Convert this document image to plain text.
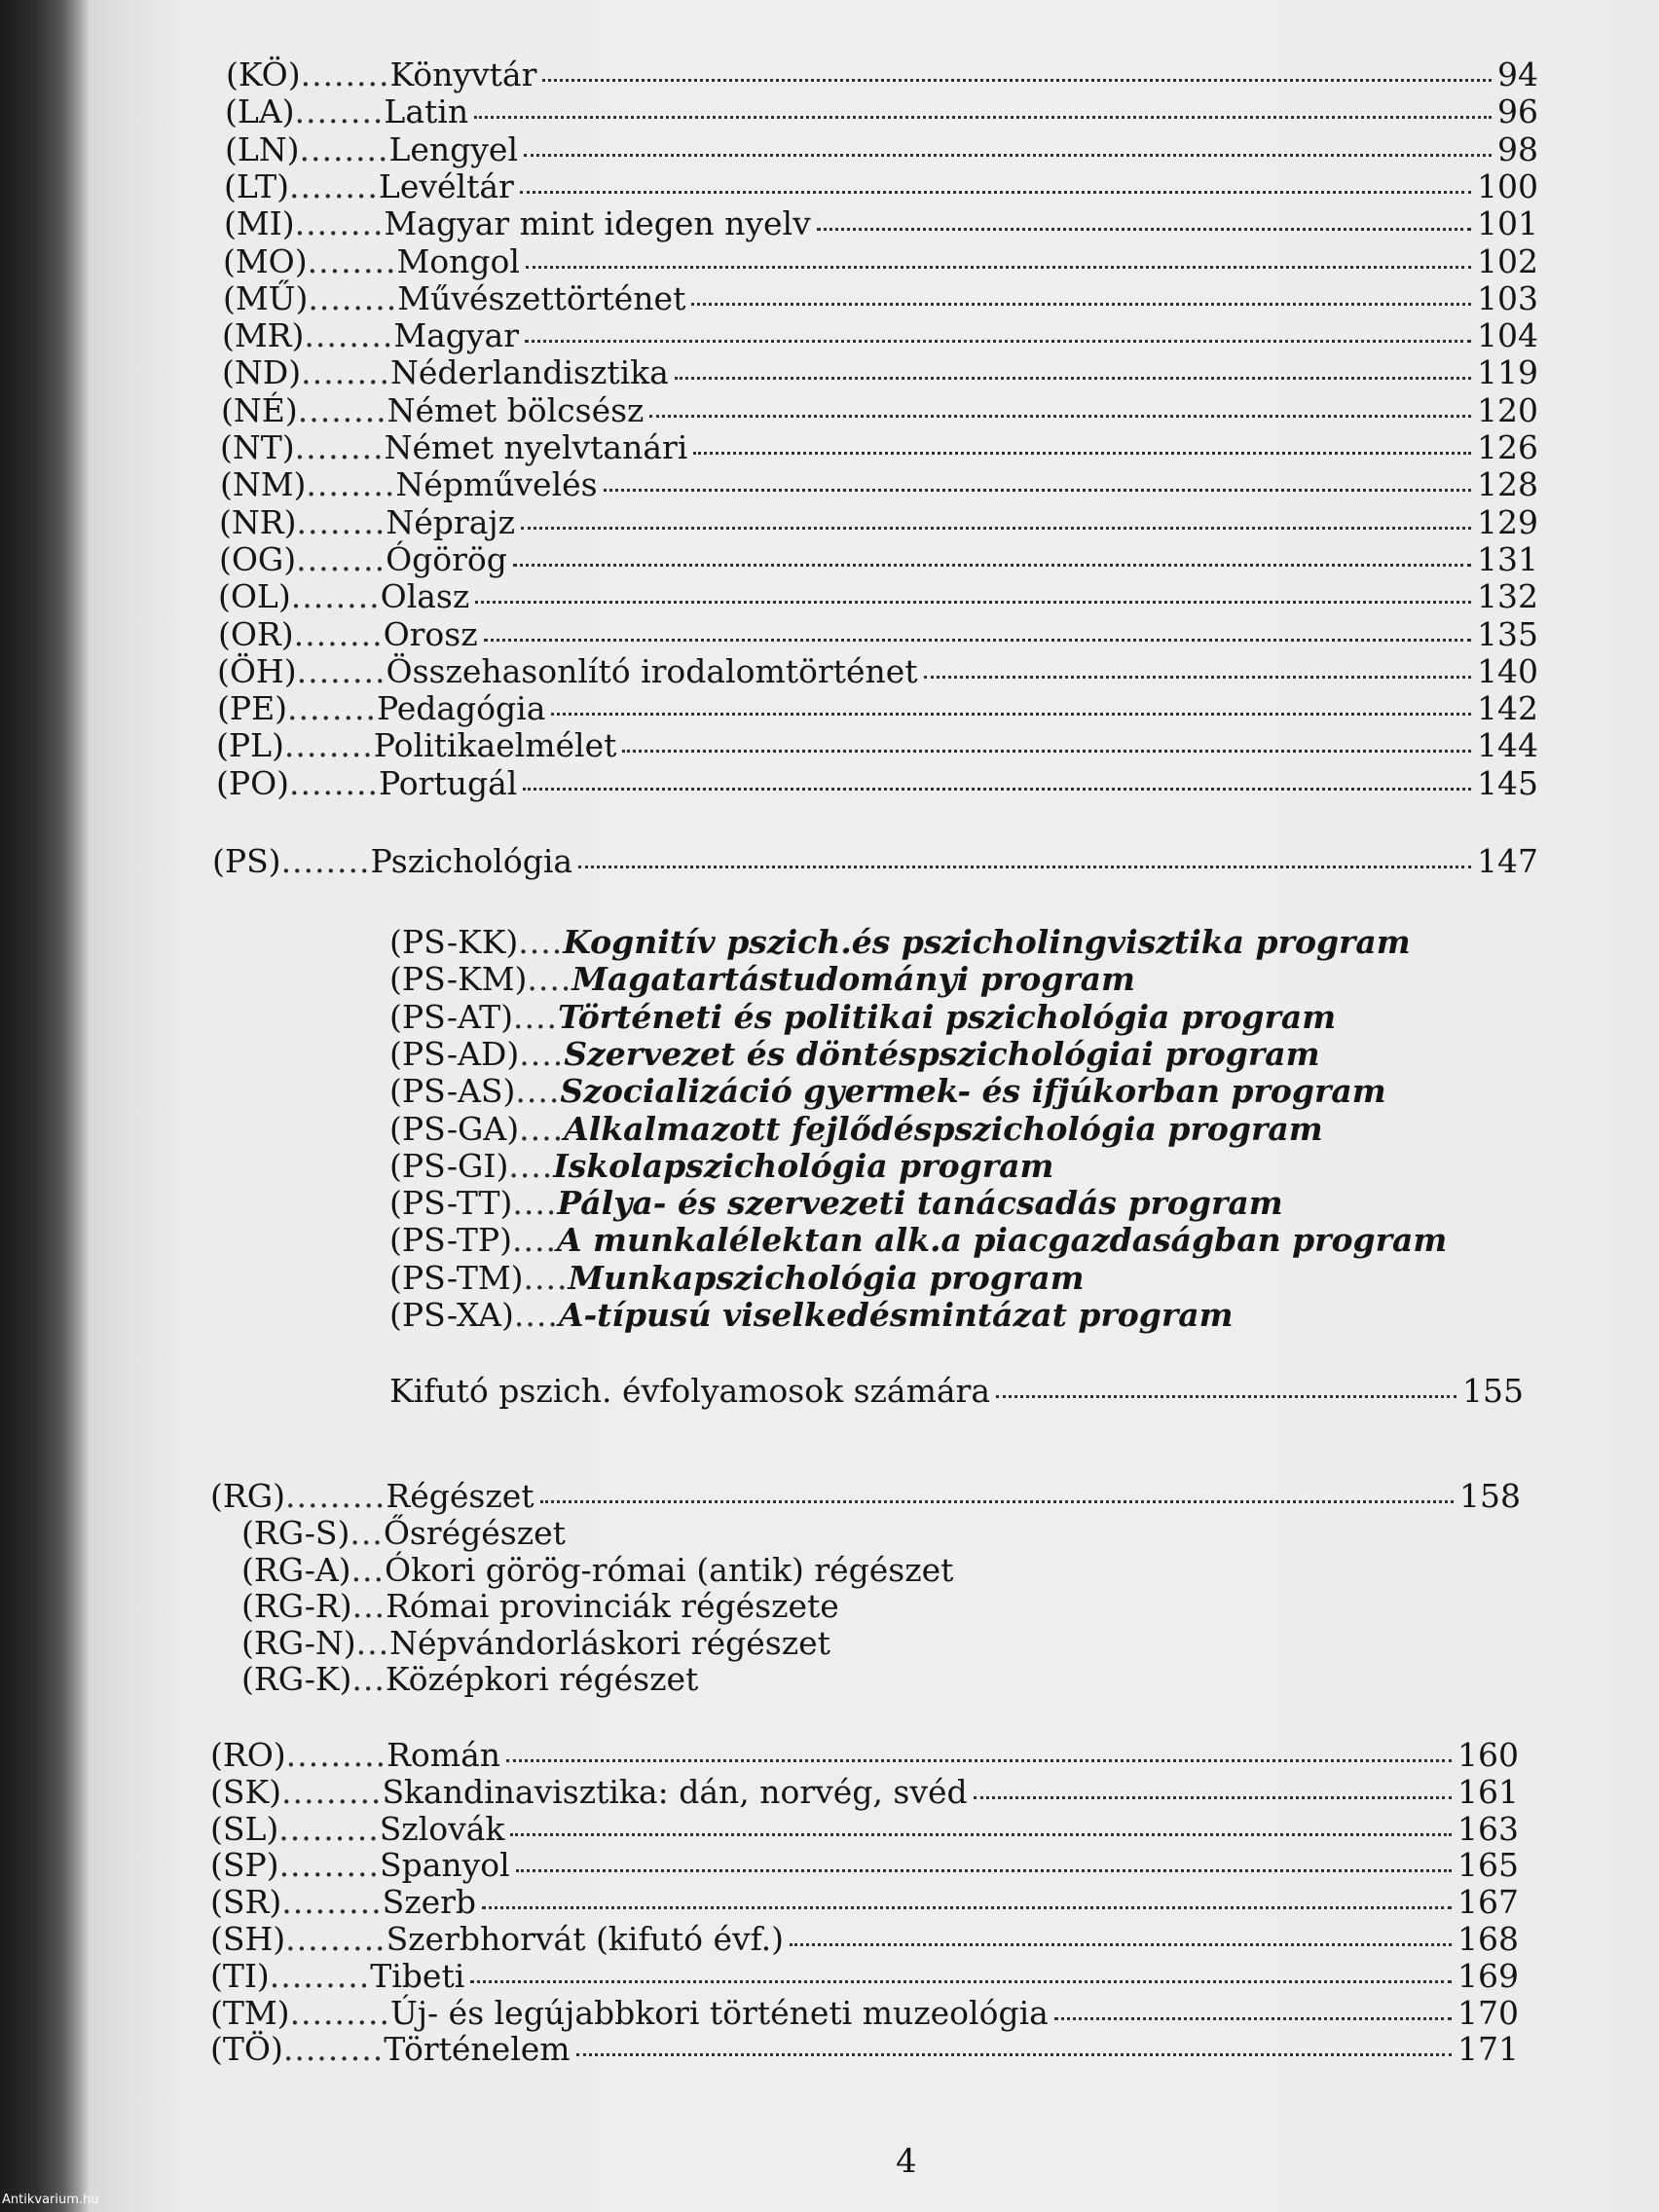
(KÖ) ........ Könyvtár	94
(LA) ........ Latin	96
(LN) ........ Lengyel	98
(LT) ........ Levéltár	100
(MI) ........ Magyar mint idegen nyelv	101
(MO) ........ Mongol	102
(MŰ) ........ Művészettörténet	103
(MR) ........ Magyar	104
(ND) ........ Néderlandisztika	119
(NÉ) ........ Német bölcsész	120
(NT) ........ Német nyelvtanári	126
(NM) ........ Népművelés	128
(NR) ........ Néprajz	129
(OG) ........ Ógörög	131
(OL) ........ Olasz	132
(OR) ........ Orosz	135
(ÖH) ........ Összehasonlító irodalomtörténet	140
(PE) ........ Pedagógia	142
(PL) ........ Politikaelmélet	144
(PO) ........ Portugál	145
(PS) ........ Pszichológia	147
(PS-KK) .... Kognitív pszich.és pszicholingvisztika program
(PS-KM) .... Magatartástudományi program
(PS-AT) .... Történeti és politikai pszichológia program
(PS-AD) .... Szervezet és döntéspszichológiai program
(PS-AS) .... Szocializáció gyermek- és ifjúkorban program
(PS-GA) .... Alkalmazott fejlődéspszichológia program
(PS-GI) .... Iskolapszichológia program
(PS-TT) .... Pálya- és szervezeti tanácsadás program
(PS-TP) .... A munkalélektan alk.a piacgazdaságban program
(PS-TM) .... Munkapszichológia program
(PS-XA) .... A-típusú viselkedésmintázat program
Kifutó pszich. évfolyamosok számára	155
(RG) ......... Régészet	158
(RG-S) ... Ősrégészet
(RG-A) ... Ókori görög-római (antik) régészet
(RG-R) ... Római provinciák régészete
(RG-N) ... Népvándorláskori régészet
(RG-K) ... Középkori régészet
(RO) ......... Román	160
(SK) ......... Skandinavisztika: dán, norvég, svéd	161
(SL) ......... Szlovák	163
(SP) ......... Spanyol	165
(SR) ......... Szerb	167
(SH) ......... Szerbhorvát (kifutó évf.)	168
(TI) ......... Tibeti	169
(TM) ......... Új- és legújabbkori történeti muzeológia	170
(TÖ) ......... Történelem	171
4
Antikvarium.hu
